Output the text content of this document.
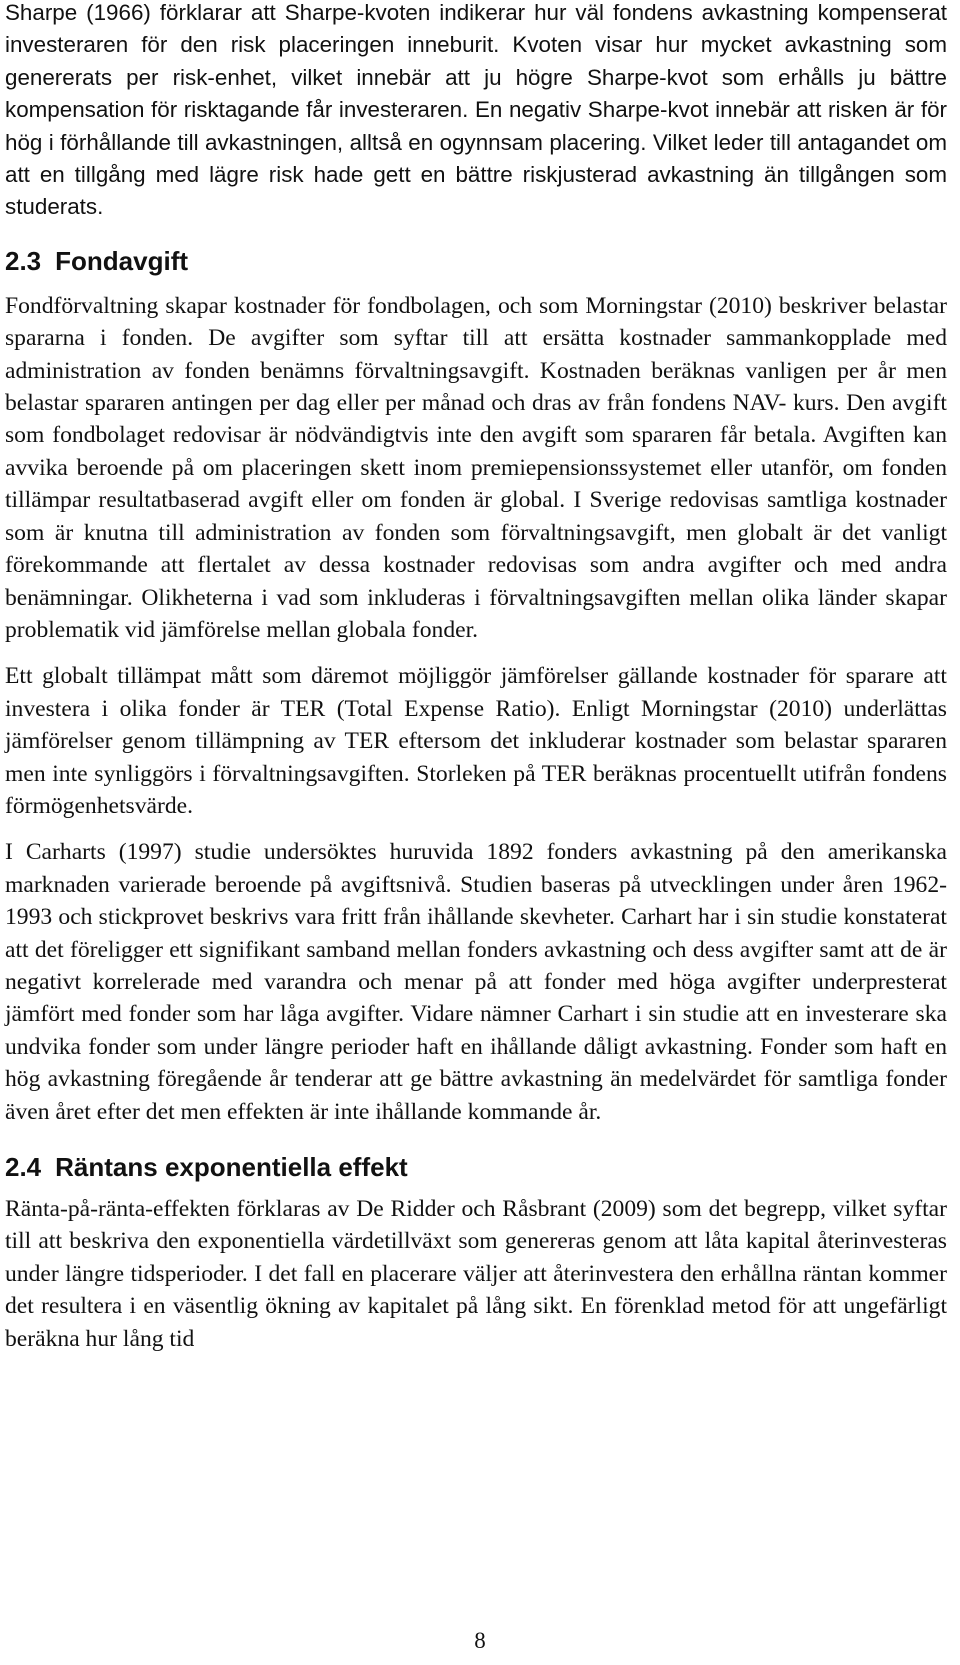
Sharpe (1966) förklarar att Sharpe-kvoten indikerar hur väl fondens avkastning kompenserat investeraren för den risk placeringen inneburit. Kvoten visar hur mycket avkastning som genererats per risk-enhet, vilket innebär att ju högre Sharpe-kvot som erhålls ju bättre kompensation för risktagande får investeraren. En negativ Sharpe-kvot innebär att risken är för hög i förhållande till avkastningen, alltså en ogynnsam placering. Vilket leder till antagandet om att en tillgång med lägre risk hade gett en bättre riskjusterad avkastning än tillgången som studerats.

2.3 Fondavgift

Fondförvaltning skapar kostnader för fondbolagen, och som Morningstar (2010) beskriver belastar spararna i fonden. De avgifter som syftar till att ersätta kostnader sammankopplade med administration av fonden benämns förvaltningsavgift. Kostnaden beräknas vanligen per år men belastar spararen antingen per dag eller per månad och dras av från fondens NAV- kurs. Den avgift som fondbolaget redovisar är nödvändigtvis inte den avgift som spararen får betala. Avgiften kan avvika beroende på om placeringen skett inom premiepensionssystemet eller utanför, om fonden tillämpar resultatbaserad avgift eller om fonden är global. I Sverige redovisas samtliga kostnader som är knutna till administration av fonden som förvaltningsavgift, men globalt är det vanligt förekommande att flertalet av dessa kostnader redovisas som andra avgifter och med andra benämningar. Olikheterna i vad som inkluderas i förvaltningsavgiften mellan olika länder skapar problematik vid jämförelse mellan globala fonder.

Ett globalt tillämpat mått som däremot möjliggör jämförelser gällande kostnader för sparare att investera i olika fonder är TER (Total Expense Ratio). Enligt Morningstar (2010) underlättas jämförelser genom tillämpning av TER eftersom det inkluderar kostnader som belastar spararen men inte synliggörs i förvaltningsavgiften. Storleken på TER beräknas procentuellt utifrån fondens förmögenhetsvärde.

I Carharts (1997) studie undersöktes huruvida 1892 fonders avkastning på den amerikanska marknaden varierade beroende på avgiftsnivå. Studien baseras på utvecklingen under åren 1962-1993 och stickprovet beskrivs vara fritt från ihållande skevheter. Carhart har i sin studie konstaterat att det föreligger ett signifikant samband mellan fonders avkastning och dess avgifter samt att de är negativt korrelerade med varandra och menar på att fonder med höga avgifter underpresterat jämfört med fonder som har låga avgifter. Vidare nämner Carhart i sin studie att en investerare ska undvika fonder som under längre perioder haft en ihållande dåligt avkastning. Fonder som haft en hög avkastning föregående år tenderar att ge bättre avkastning än medelvärdet för samtliga fonder även året efter det men effekten är inte ihållande kommande år.

2.4 Räntans exponentiella effekt

Ränta-på-ränta-effekten förklaras av De Ridder och Råsbrant (2009) som det begrepp, vilket syftar till att beskriva den exponentiella värdetillväxt som genereras genom att låta kapital återinvesteras under längre tidsperioder. I det fall en placerare väljer att återinvestera den erhållna räntan kommer det resultera i en väsentlig ökning av kapitalet på lång sikt. En förenklad metod för att ungefärligt beräkna hur lång tid

8
